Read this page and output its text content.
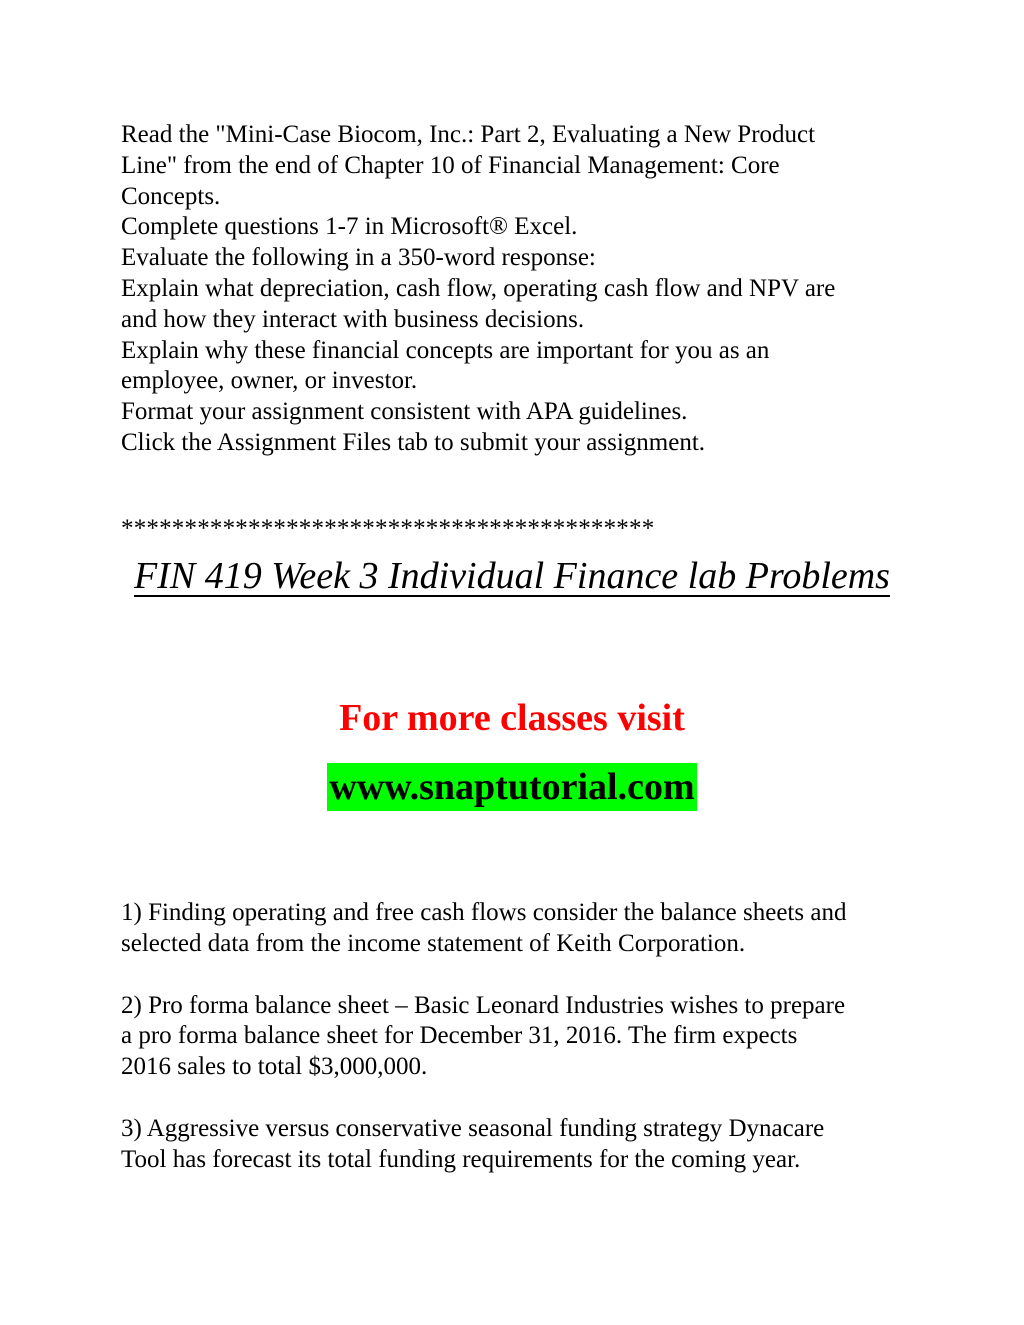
Read the "Mini-Case Biocom, Inc.: Part 2, Evaluating a New Product
Line" from the end of Chapter 10 of Financial Management: Core
Concepts.
Complete questions 1-7 in Microsoft® Excel.
Evaluate the following in a 350-word response:
Explain what depreciation, cash flow, operating cash flow and NPV are
and how they interact with business decisions.
Explain why these financial concepts are important for you as an
employee, owner, or investor.
Format your assignment consistent with APA guidelines.
Click the Assignment Files tab to submit your assignment.
******************************************
FIN 419 Week 3 Individual Finance lab Problems
For more classes visit
www.snaptutorial.com
1) Finding operating and free cash flows consider the balance sheets and
selected data from the income statement of Keith Corporation.
2) Pro forma balance sheet – Basic Leonard Industries wishes to prepare
a pro forma balance sheet for December 31, 2016. The firm expects
2016 sales to total $3,000,000.
3) Aggressive versus conservative seasonal funding strategy Dynacare
Tool has forecast its total funding requirements for the coming year.
